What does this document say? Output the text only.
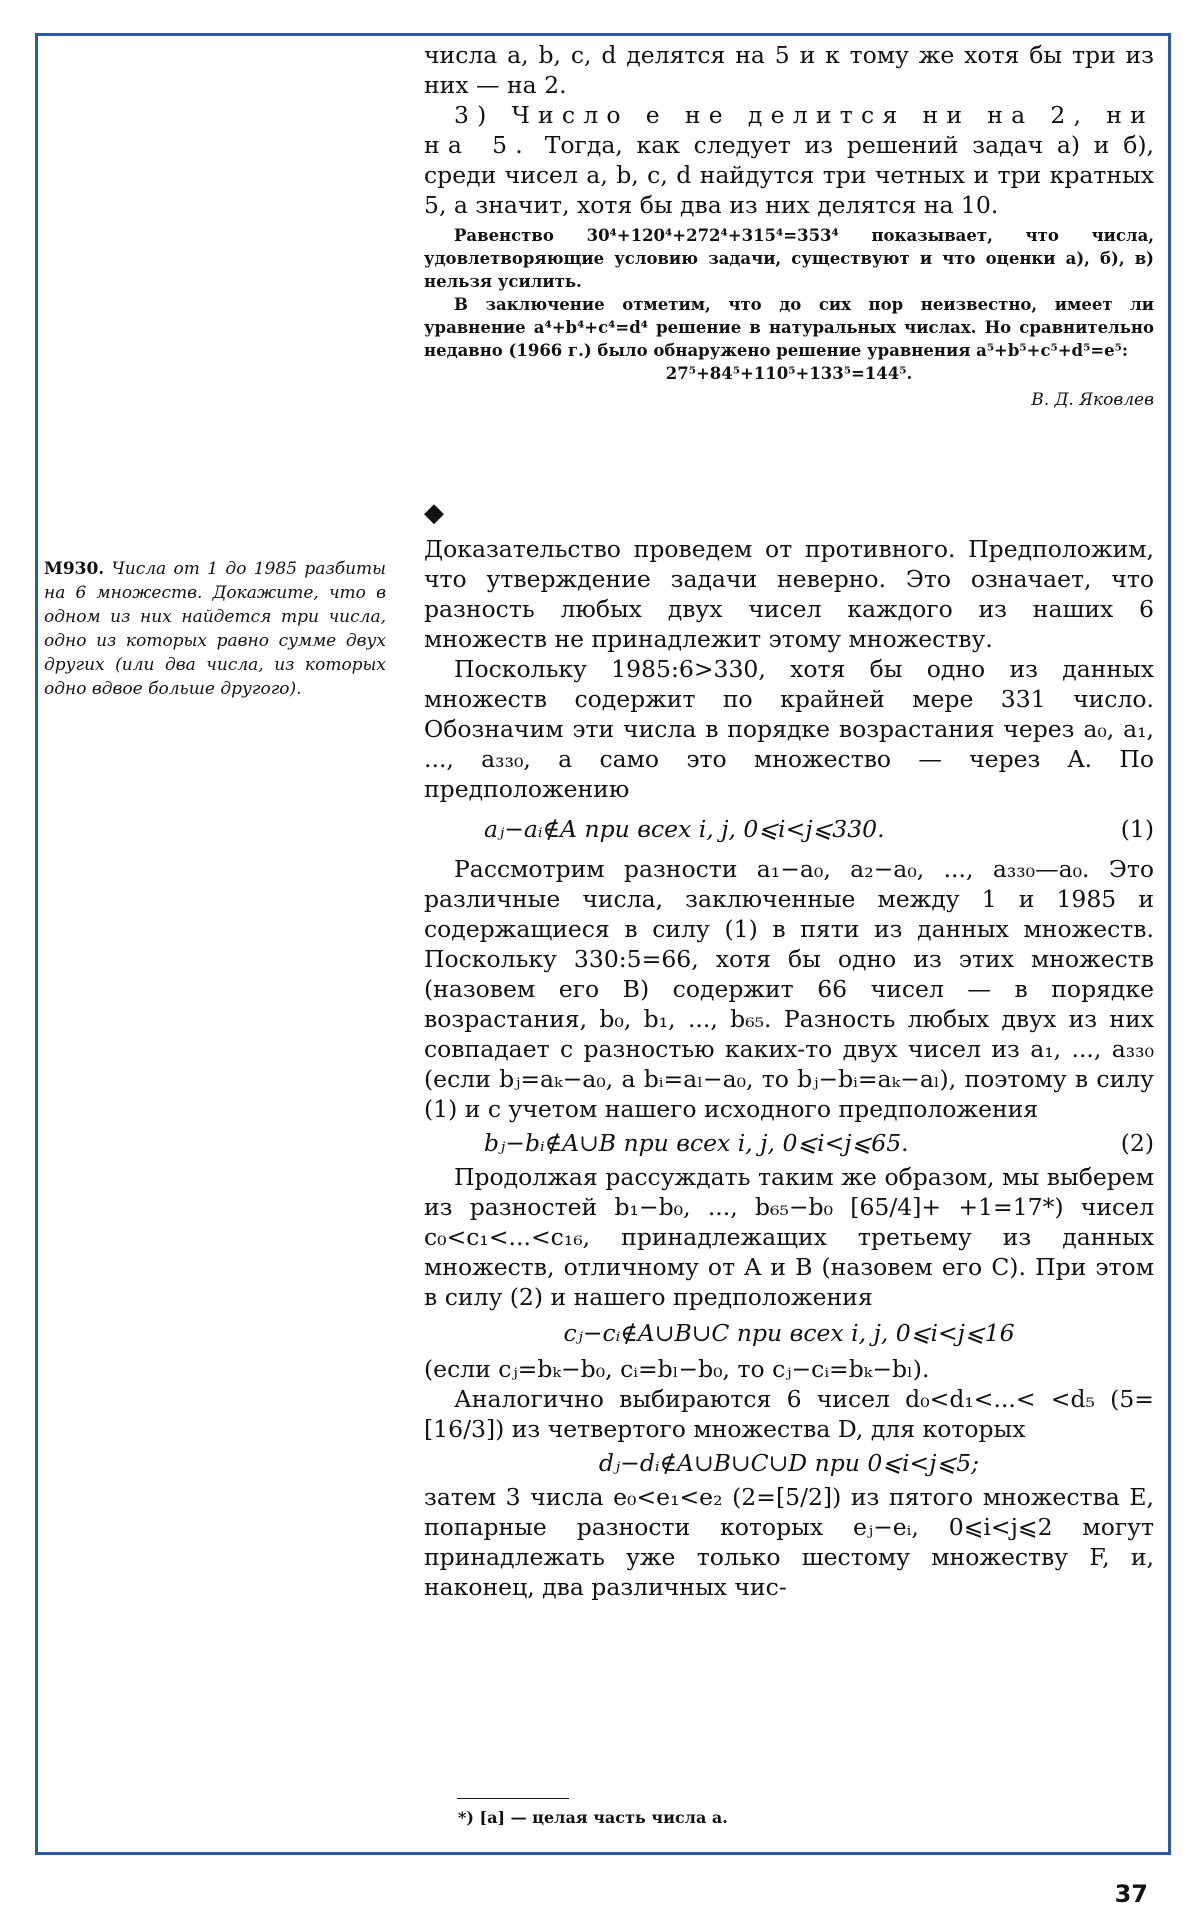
числа a, b, c, d делятся на 5 и к тому же хотя бы три из них — на 2.

3) Число e не делится ни на 2, ни на 5. Тогда, как следует из решений задач а) и б), среди чисел a, b, c, d найдутся три четных и три кратных 5, а значит, хотя бы два из них делятся на 10.

Равенство 30⁴+120⁴+272⁴+315⁴=353⁴ показывает, что числа, удовлетворяющие условию задачи, существуют и что оценки а), б), в) нельзя усилить.

В заключение отметим, что до сих пор неизвестно, имеет ли уравнение a⁴+b⁴+c⁴=d⁴ решение в натуральных числах. Но сравнительно недавно (1966 г.) было обнаружено решение уравнения a⁵+b⁵+c⁵+d⁵=e⁵:

27⁵+84⁵+110⁵+133⁵=144⁵.

В. Д. Яковлев

◆
M930. Числа от 1 до 1985 разбиты на 6 множеств. Докажите, что в одном из них найдется три числа, одно из которых равно сумме двух других (или два числа, из которых одно вдвое больше другого).

Доказательство проведем от противного. Предположим, что утверждение задачи неверно. Это означает, что разность любых двух чисел каждого из наших 6 множеств не принадлежит этому множеству.

Поскольку 1985:6>330, хотя бы одно из данных множеств содержит по крайней мере 331 число. Обозначим эти числа в порядке возрастания через a₀, a₁, ..., a₃₃₀, а само это множество — через A. По предположению

aⱼ−aᵢ∉A при всех i, j, 0⩽i<j⩽330.	(1)

Рассмотрим разности a₁−a₀, a₂−a₀, ..., a₃₃₀—a₀. Это различные числа, заключенные между 1 и 1985 и содержащиеся в силу (1) в пяти из данных множеств. Поскольку 330:5=66, хотя бы одно из этих множеств (назовем его B) содержит 66 чисел — в порядке возрастания, b₀, b₁, ..., b₆₅. Разность любых двух из них совпадает с разностью каких-то двух чисел из a₁, ..., a₃₃₀ (если bⱼ=aₖ−a₀, а bᵢ=aₗ−a₀, то bⱼ−bᵢ=aₖ−aₗ), поэтому в силу (1) и с учетом нашего исходного предположения

bⱼ−bᵢ∉A∪B при всех i, j, 0⩽i<j⩽65.	(2)

Продолжая рассуждать таким же образом, мы выберем из разностей b₁−b₀, ..., b₆₅−b₀ [65/4]+ +1=17*) чисел c₀<c₁<...<c₁₆, принадлежащих третьему из данных множеств, отличному от A и B (назовем его C). При этом в силу (2) и нашего предположения

cⱼ−cᵢ∉A∪B∪C при всех i, j, 0⩽i<j⩽16

(если cⱼ=bₖ−b₀, cᵢ=bₗ−b₀, то cⱼ−cᵢ=bₖ−bₗ).

Аналогично выбираются 6 чисел d₀<d₁<...< <d₅ (5=[16/3]) из четвертого множества D, для которых

dⱼ−dᵢ∉A∪B∪C∪D при 0⩽i<j⩽5;

затем 3 числа e₀<e₁<e₂ (2=[5/2]) из пятого множества E, попарные разности которых eⱼ−eᵢ, 0⩽i<j⩽2 могут принадлежать уже только шестому множеству F, и, наконец, два различных чис-

*) [a] — целая часть числа a.
37
